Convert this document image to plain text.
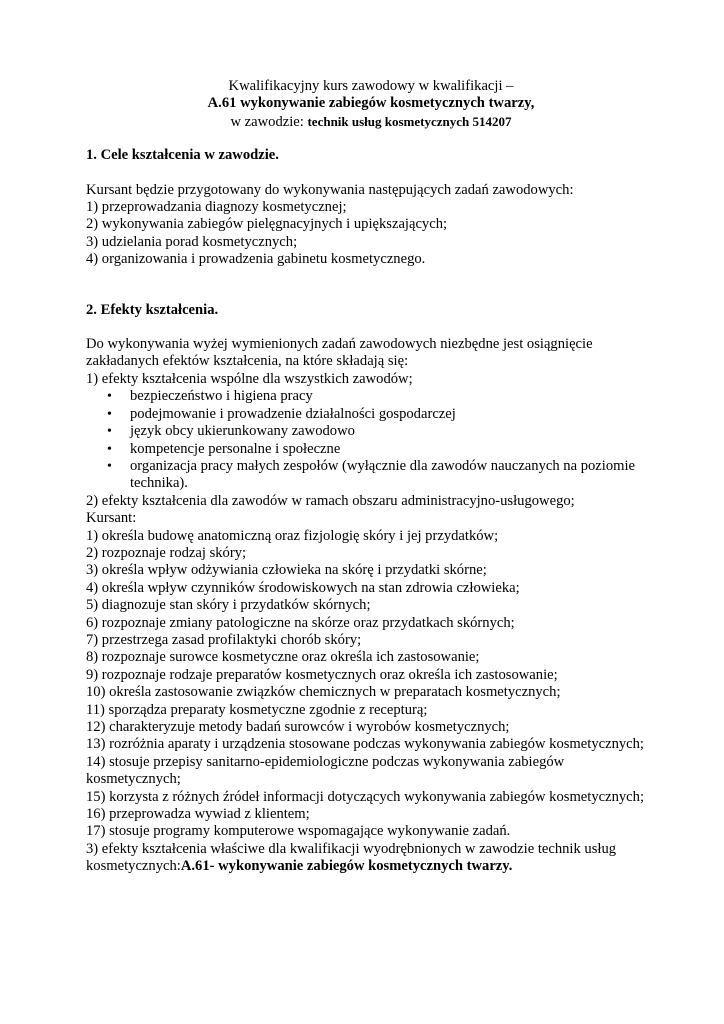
Kwalifikacyjny kurs zawodowy w kwalifikacji –
A.61 wykonywanie zabiegów kosmetycznych twarzy,
w zawodzie: technik usług kosmetycznych 514207
1. Cele kształcenia w zawodzie.
Kursant będzie przygotowany do wykonywania następujących zadań zawodowych:
1) przeprowadzania diagnozy kosmetycznej;
2) wykonywania zabiegów pielęgnacyjnych i upiększających;
3) udzielania porad kosmetycznych;
4) organizowania i prowadzenia gabinetu kosmetycznego.
2. Efekty kształcenia.
Do wykonywania wyżej wymienionych zadań zawodowych niezbędne jest osiągnięcie zakładanych efektów kształcenia, na które składają się:
1) efekty kształcenia wspólne dla wszystkich zawodów;
• bezpieczeństwo i higiena pracy
• podejmowanie i prowadzenie działalności gospodarczej
• język obcy ukierunkowany zawodowo
• kompetencje personalne i społeczne
• organizacja pracy małych zespołów (wyłącznie dla zawodów nauczanych na poziomie technika).
2) efekty kształcenia dla zawodów w ramach obszaru administracyjno-usługowego;
Kursant:
1) określa budowę anatomiczną oraz fizjologię skóry i jej przydatków;
2) rozpoznaje rodzaj skóry;
3) określa wpływ odżywiania człowieka na skórę i przydatki skórne;
4) określa wpływ czynników środowiskowych na stan zdrowia człowieka;
5) diagnozuje stan skóry i przydatków skórnych;
6) rozpoznaje zmiany patologiczne na skórze oraz przydatkach skórnych;
7) przestrzega zasad profilaktyki chorób skóry;
8) rozpoznaje surowce kosmetyczne oraz określa ich zastosowanie;
9) rozpoznaje rodzaje preparatów kosmetycznych oraz określa ich zastosowanie;
10) określa zastosowanie związków chemicznych w preparatach kosmetycznych;
11) sporządza preparaty kosmetyczne zgodnie z recepturą;
12) charakteryzuje metody badań surowców i wyrobów kosmetycznych;
13) rozróżnia aparaty i urządzenia stosowane podczas wykonywania zabiegów kosmetycznych;
14) stosuje przepisy sanitarno-epidemiologiczne podczas wykonywania zabiegów kosmetycznych;
15) korzysta z różnych źródeł informacji dotyczących wykonywania zabiegów kosmetycznych;
16) przeprowadza wywiad z klientem;
17) stosuje programy komputerowe wspomagające wykonywanie zadań.
3) efekty kształcenia właściwe dla kwalifikacji wyodrębnionych w zawodzie technik usług kosmetycznych:A.61- wykonywanie zabiegów kosmetycznych twarzy.
